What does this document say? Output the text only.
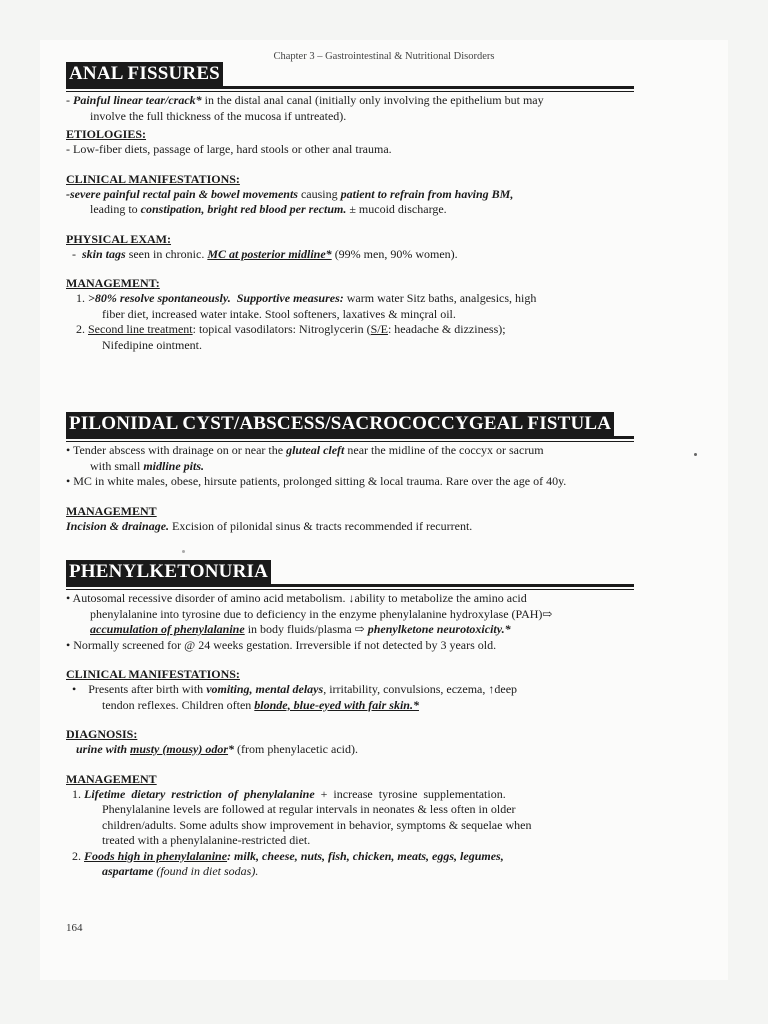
Chapter 3 – Gastrointestinal & Nutritional Disorders
ANAL FISSURES

- Painful linear tear/crack* in the distal anal canal (initially only involving the epithelium but may

involve the full thickness of the mucosa if untreated).

ETIOLOGIES:

- Low-fiber diets, passage of large, hard stools or other anal trauma.

CLINICAL MANIFESTATIONS:

-severe painful rectal pain & bowel movements causing patient to refrain from having BM,

leading to constipation, bright red blood per rectum. ± mucoid discharge.

PHYSICAL EXAM:

-  skin tags seen in chronic. MC at posterior midline* (99% men, 90% women).

MANAGEMENT:

1. >80% resolve spontaneously. Supportive measures: warm water Sitz baths, analgesics, high

fiber diet, increased water intake. Stool softeners, laxatives & minçral oil.

2. Second line treatment: topical vasodilators: Nitroglycerin (S/E: headache & dizziness);

Nifedipine ointment.

PILONIDAL CYST/ABSCESS/SACROCOCCYGEAL FISTULA

• Tender abscess with drainage on or near the gluteal cleft near the midline of the coccyx or sacrum

with small midline pits.

• MC in white males, obese, hirsute patients, prolonged sitting & local trauma. Rare over the age of 40y.

MANAGEMENT

Incision & drainage. Excision of pilonidal sinus & tracts recommended if recurrent.

PHENYLKETONURIA

• Autosomal recessive disorder of amino acid metabolism. ↓ability to metabolize the amino acid

phenylalanine into tyrosine due to deficiency in the enzyme phenylalanine hydroxylase (PAH)⇨

accumulation of phenylalanine in body fluids/plasma ⇨ phenylketone neurotoxicity.*

• Normally screened for @ 24 weeks gestation. Irreversible if not detected by 3 years old.

CLINICAL MANIFESTATIONS:

•    Presents after birth with vomiting, mental delays, irritability, convulsions, eczema, ↑deep

tendon reflexes. Children often blonde, blue-eyed with fair skin.*

DIAGNOSIS:

urine with musty (mousy) odor* (from phenylacetic acid).

MANAGEMENT

1. Lifetime  dietary  restriction  of  phenylalanine  +  increase  tyrosine  supplementation.

Phenylalanine levels are followed at regular intervals in neonates & less often in older

children/adults. Some adults show improvement in behavior, symptoms & sequelae when

treated with a phenylalanine-restricted diet.

2. Foods high in phenylalanine: milk, cheese, nuts, fish, chicken, meats, eggs, legumes,

aspartame (found in diet sodas).

164
